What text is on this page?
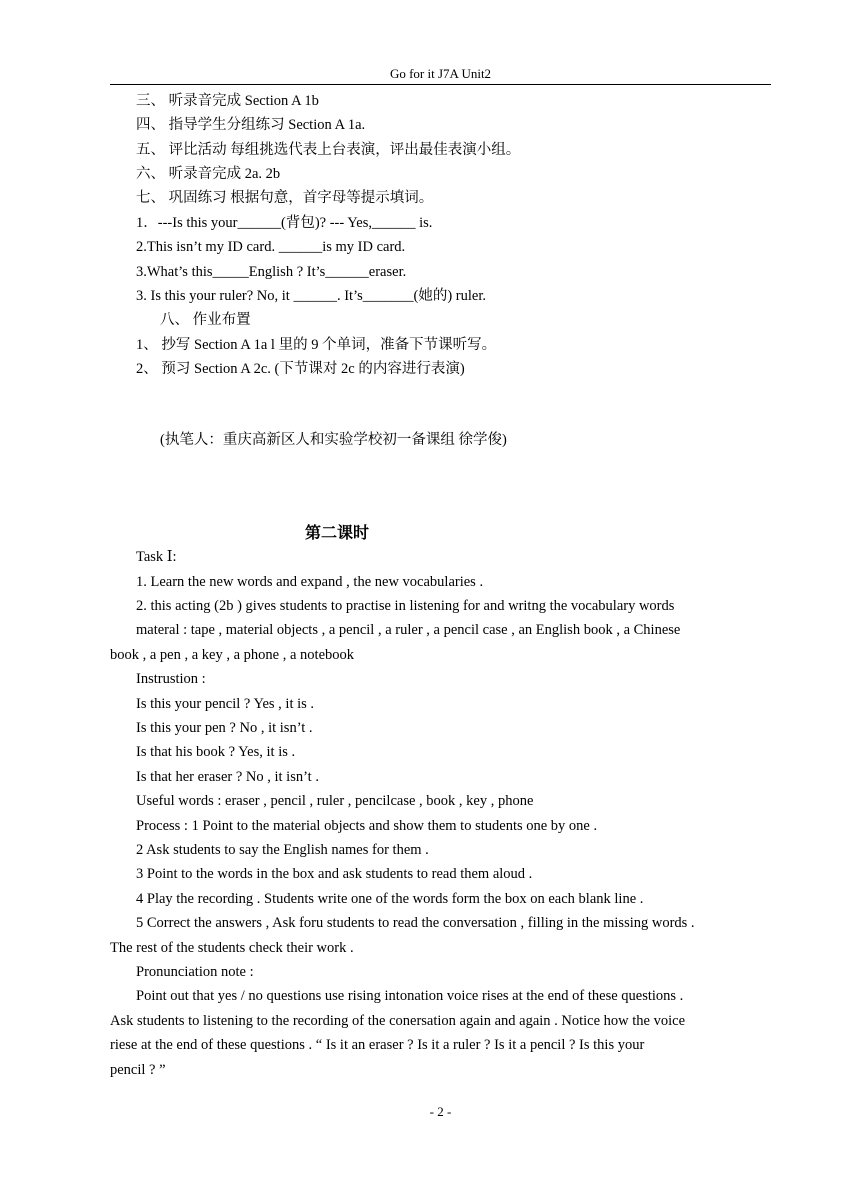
Go for it J7A Unit2
三、 听录音完成 Section A 1b
四、 指导学生分组练习 Section A 1a.
五、 评比活动 每组挑选代表上台表演，评出最佳表演小组。
六、 听录音完成 2a. 2b
七、 巩固练习 根据句意，首字母等提示填词。
1．---Is this your______(背包)? --- Yes,______ is.
2.This isn’t my ID card. ______is my ID card.
3.What’s this_____English ? It’s______eraser.
3. Is this your ruler? No, it ______. It’s_______(她的) ruler.
八、 作业布置
1、 抄写 Section A 1a l 里的 9 个单词，准备下节课听写。
2、 预习 Section A 2c. (下节课对 2c 的内容进行表演)
(执笔人：重庆高新区人和实验学校初一备课组 徐学俊)
第二课时
Task Ⅰ:
1. Learn the new words and expand , the new vocabularies .
2. this acting (2b ) gives students to practise in listening for and writng the vocabulary words
materal : tape , material objects , a pencil , a ruler , a pencil case , an English book , a Chinese
book , a pen , a key , a phone , a notebook
Instrustion :
Is this your pencil ? Yes , it is .
Is this your pen ? No , it isn’t .
Is that his book ? Yes, it is .
Is that her eraser ? No , it isn’t .
Useful words : eraser , pencil , ruler , pencilcase , book , key , phone
Process : 1 Point to the material objects and show them to students one by one .
2 Ask students to say the English names for them .
3 Point to the words in the box and ask students to read them aloud .
4 Play the recording . Students write one of the words form the box on each blank line .
5 Correct the answers , Ask foru students to read the conversation , filling in the missing words .
The rest of the students check their work .
Pronunciation note :
Point out that yes / no questions use rising intonation voice rises at the end of these questions .
Ask students to listening to the recording of the conersation again and again . Notice how the voice
riese at the end of these questions . “ Is it an eraser ? Is it a ruler ? Is it a pencil ? Is this your
pencil ? ”
- 2 -
